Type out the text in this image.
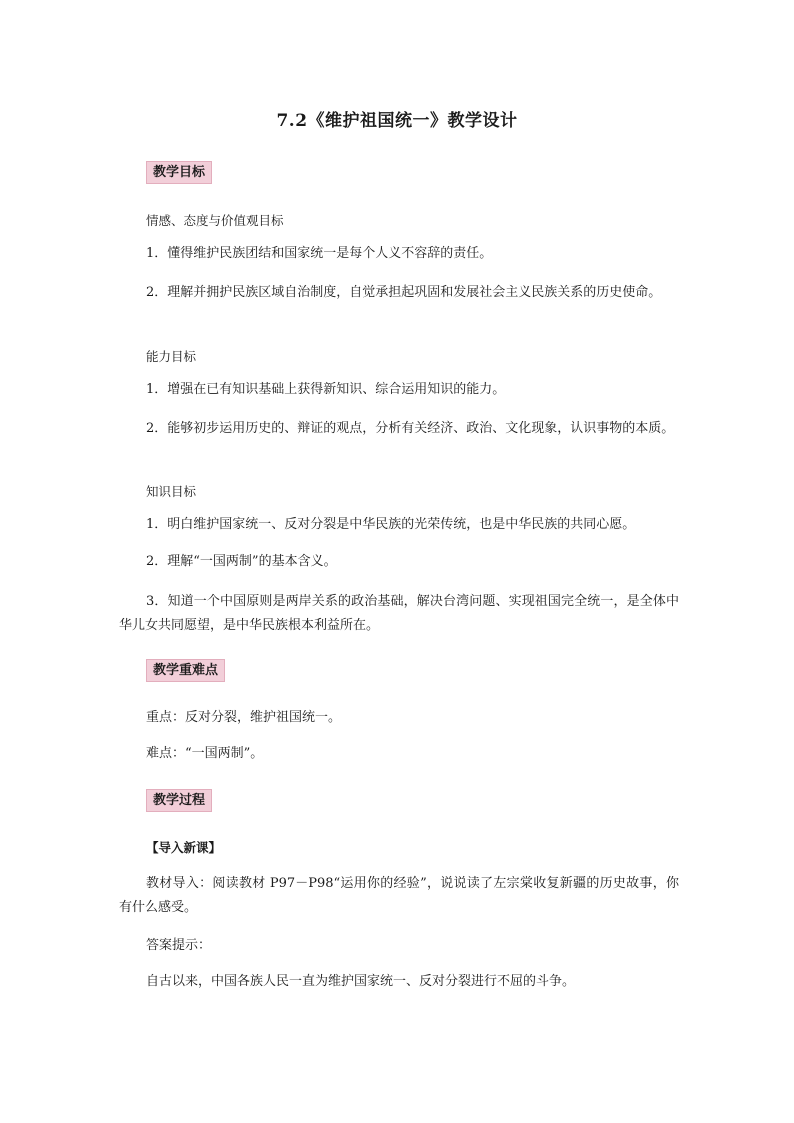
7.2《维护祖国统一》教学设计
教学目标
情感、态度与价值观目标
1．懂得维护民族团结和国家统一是每个人义不容辞的责任。
2．理解并拥护民族区域自治制度，自觉承担起巩固和发展社会主义民族关系的历史使命。
能力目标
1．增强在已有知识基础上获得新知识、综合运用知识的能力。
2．能够初步运用历史的、辩证的观点，分析有关经济、政治、文化现象，认识事物的本质。
知识目标
1．明白维护国家统一、反对分裂是中华民族的光荣传统，也是中华民族的共同心愿。
2．理解“一国两制”的基本含义。
3．知道一个中国原则是两岸关系的政治基础，解决台湾问题、实现祖国完全统一，是全体中华儿女共同愿望，是中华民族根本利益所在。
教学重难点
重点：反对分裂，维护祖国统一。
难点：“一国两制”。
教学过程
【导入新课】
教材导入：阅读教材 P97－P98“运用你的经验”，说说读了左宗棠收复新疆的历史故事，你有什么感受。
答案提示：
自古以来，中国各族人民一直为维护国家统一、反对分裂进行不屈的斗争。
